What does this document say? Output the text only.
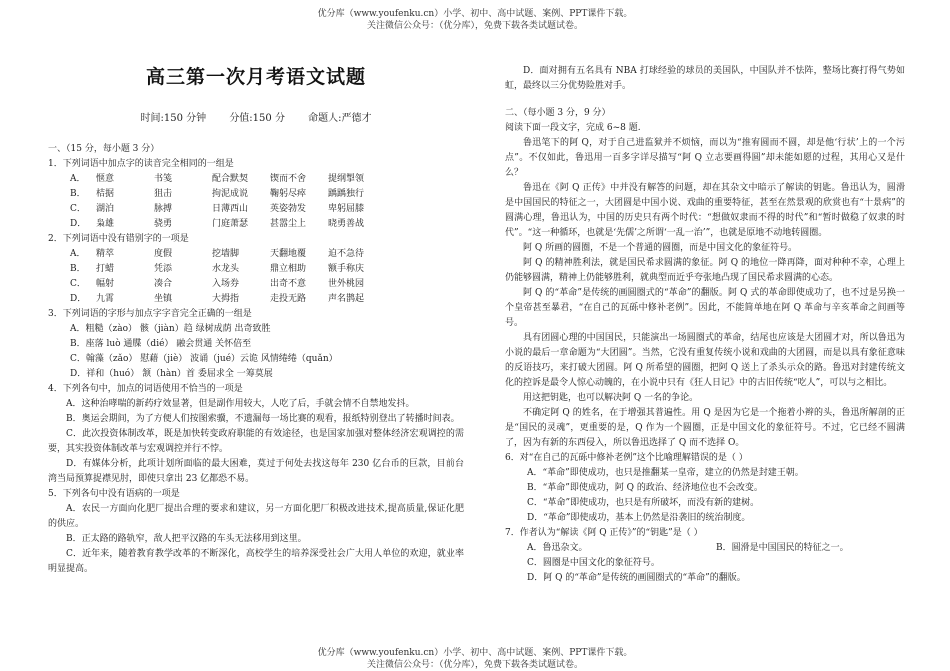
优分库（www.youfenku.cn）小学、初中、高中试题、案例、PPT课件下载。
关注微信公众号：（优分库），免费下载各类试题试卷。
高三第一次月考语文试题
时间:150 分钟 分值:150 分 命题人:严德才
一、（15 分，每小题 3 分）
1．下列词语中加点字的读音完全相同的一组是
A．	惬意	书笺	配合默契	锲而不舍	提纲掣领
B．	桔据	狙击	拘泥成说	鞠躬尽瘁	踽踽独行
C．	湖泊	脉搏	日薄西山	英姿勃发	卑躬屈膝
D．	枭雄	骁勇	门庭萧瑟	甚嚣尘上	晓勇善战
2．下列词语中没有错别字的一项是
A．	精萃	度假	挖墙脚	天翻地覆	迫不急待
B．	打蜡	凭添	水龙头	鼎立相助	额手称庆
C．	幅射	凑合	入场券	出奇不意	世外桃园
D．	九霄	坐镇	大拇指	走投无路	声名鹊起
3．下列词语的字形与加点字字音完全正确的一组是
A．粗糙（zào） 骸（jiàn）趋 绿树成荫 出奇致胜
B．座落 luò 通牒（dié） 融会贯通 关怀倍至
C．翰藻（zǎo） 慰藉（jiè） 波诵（jué）云诡 风情绻绻（quǎn）
D．祥和（huó） 颔（hàn）首 委屈求全 一筹莫展
4．下列各句中，加点的词语使用不恰当的一项是
A．这种治哮喘的新药疗效显著，但是副作用较大，人吃了后，手就会情不自禁地发抖。
B．奥运会期间，为了方便人们按图索骥，不遗漏每一场比赛的观看，报纸特别登出了转播时间表。
C．此次投资体制改革，既是加快转变政府职能的有效途径，也是国家加强对整体经济宏观调控的需要，其实投资体制改革与宏观调控并行不悖。
D．有媒体分析，此项计划所面临的最大困难，莫过于何处去找这每年 230 亿台币的巨款，目前台湾当局预算捉襟见肘，即使只拿出 23 亿都恐不易。
5．下列各句中没有语病的一项是
A．农民一方面向化肥厂提出合理的要求和建议，另一方面化肥厂积极改进技术,提高质量,保证化肥的供应。
B．正太路的路轨窄，敌人把平汉路的车头无法移用到这里。
C．近年来，随着教育教学改革的不断深化，高校学生的培养深受社会广大用人单位的欢迎，就业率明显提高。
D．面对拥有五名具有 NBA 打球经验的球员的美国队，中国队并不怯阵，整场比赛打得气势如虹，最终以三分优势险胜对手。
二、（每小题 3 分，9 分）
阅读下面一段文字，完成 6~8 题.
鲁迅笔下的阿 Q，对于自己进监狱并不烦恼，而以为“推宥圆而不圆，却是他‘行状’上的一个污点”。不仅如此，鲁迅用一百多字详尽描写“阿 Q 立志要画得圆”却未能如愿的过程，其用心又是什么？
鲁迅在《阿 Q 正传》中并没有解答的问题，却在其杂文中暗示了解读的钥匙。鲁迅认为，圆滑是中国国民的特征之一，大团圆是中国小说、戏曲的重要特征，甚至在然景观的欣赏也有“十景病”的圆满心理，鲁迅认为，中国的历史只有两个时代：“想做奴隶而不得的时代”和“暂时做稳了奴隶的时代”。“这一种循环，也就是‘先儒’之所谓‘一乱一治’”，也就是原地不动地转圆圈。
阿 Q 所画的圆圈，不是一个普通的圆圈，而是中国文化的象征符号。
阿 Q 的精神胜利法，就是国民希求圆满的象征。阿 Q 的地位一降再降，面对种种不幸，心理上仍能够圆满，精神上仍能够胜利，就典型而近乎夸张地凸现了国民希求圆满的心态。
阿 Q 的“革命”是传统的画圆圈式的“革命”的翻版。阿 Q 式的革命即使成功了，也不过是另换一个皇帝甚至暴君，“在自己的瓦砾中修补老例”。因此，不能简单地在阿 Q 革命与辛亥革命之间画等号。
具有团圆心理的中国国民，只能演出一场圆圈式的革命，结尾也应该是大团圆才对，所以鲁迅为小说的最后一章命题为“大团圆”。当然，它没有重复传统小说和戏曲的大团圆，而是以具有象征意味的反语技巧，来打破大团圆。阿 Q 所希望的圆圈，把阿 Q 送上了杀头示众的路。鲁迅对封建传统文化的控诉是最令人惊心动魄的，在小说中只有《狂人日记》中的古旧传统“吃人”，可以与之相比。
用这把钥匙，也可以解决阿 Q 一名的争论。
不确定阿 Q 的姓名，在于增强其普遍性。用 Q 是因为它是一个拖着小辫的头，鲁迅所解剖的正是“国民的灵魂”，更重要的是，Q 作为一个圆圈，正是中国文化的象征符号。不过，它已经不圆满了，因为有新的东西侵入，所以鲁迅选择了 Q 而不选择 O。
6．对“在自己的瓦砾中修补老例”这个比喻理解错误的是（ ）
A．“革命”即使成功，也只是推翻某一皇帝，建立的仍然是封建王朝。
B．“革命”即使成功，阿 Q 的政治、经济地位也不会改变。
C．“革命”即使成功，也只是有所破坏，而没有新的建树。
D．“革命”即使成功，基本上仍然是沿袭旧的统治制度。
7．作者认为“解读《阿 Q 正传》”的“钥匙”是（ ）
A．鲁迅杂文。	B．圆滑是中国国民的特征之一。
C．圆圈是中国文化的象征符号。
D．阿 Q 的“革命”是传统的画圆圈式的“革命”的翻版。
优分库（www.youfenku.cn）小学、初中、高中试题、案例、PPT课件下载。
关注微信公众号：（优分库），免费下载各类试题试卷。
